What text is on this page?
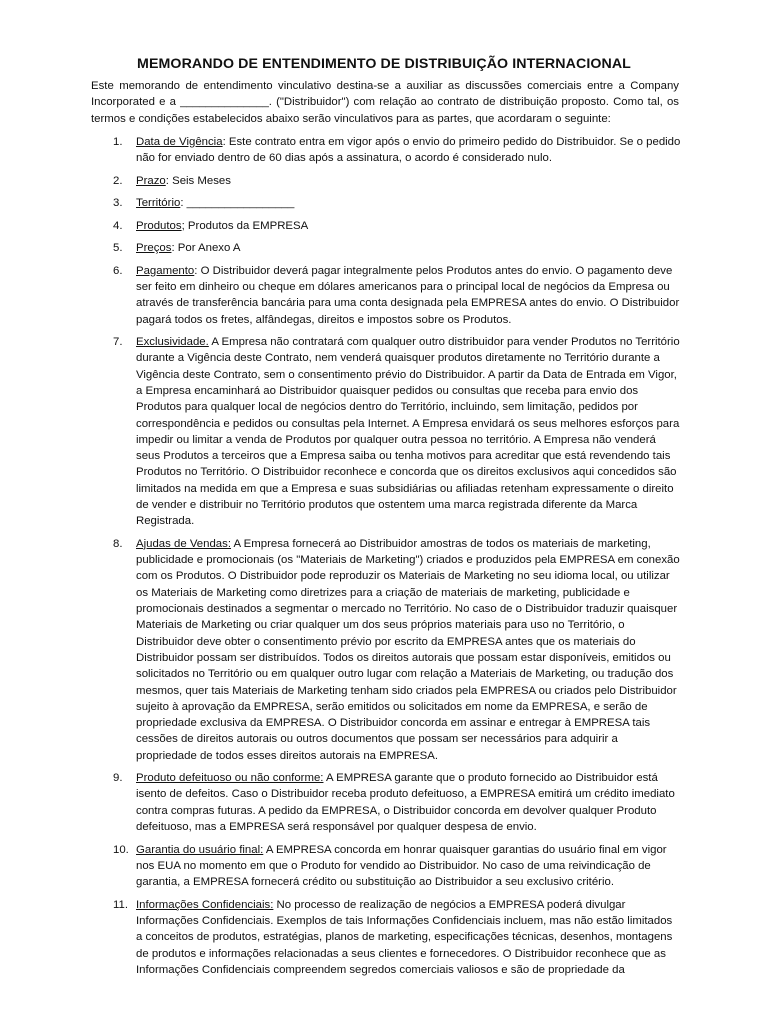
MEMORANDO DE ENTENDIMENTO DE DISTRIBUIÇÃO INTERNACIONAL

Este memorando de entendimento vinculativo destina-se a auxiliar as discussões comerciais entre a Company Incorporated e a ______________. ("Distribuidor") com relação ao contrato de distribuição proposto. Como tal, os termos e condições estabelecidos abaixo serão vinculativos para as partes, que acordaram o seguinte:

1.	Data de Vigência: Este contrato entra em vigor após o envio do primeiro pedido do Distribuidor. Se o pedido não for enviado dentro de 60 dias após a assinatura, o acordo é considerado nulo.
2.	Prazo: Seis Meses
3.	Território: _________________
4.	Produtos; Produtos da EMPRESA
5.	Preços: Por Anexo A
6.	Pagamento: O Distribuidor deverá pagar integralmente pelos Produtos antes do envio. O pagamento deve ser feito em dinheiro ou cheque em dólares americanos para o principal local de negócios da Empresa ou através de transferência bancária para uma conta designada pela EMPRESA antes do envio. O Distribuidor pagará todos os fretes, alfândegas, direitos e impostos sobre os Produtos.
7.	Exclusividade. A Empresa não contratará com qualquer outro distribuidor para vender Produtos no Território durante a Vigência deste Contrato, nem venderá quaisquer produtos diretamente no Território durante a Vigência deste Contrato, sem o consentimento prévio do Distribuidor. A partir da Data de Entrada em Vigor, a Empresa encaminhará ao Distribuidor quaisquer pedidos ou consultas que receba para envio dos Produtos para qualquer local de negócios dentro do Território, incluindo, sem limitação, pedidos por correspondência e pedidos ou consultas pela Internet. A Empresa envidará os seus melhores esforços para impedir ou limitar a venda de Produtos por qualquer outra pessoa no território. A Empresa não venderá seus Produtos a terceiros que a Empresa saiba ou tenha motivos para acreditar que está revendendo tais Produtos no Território. O Distribuidor reconhece e concorda que os direitos exclusivos aqui concedidos são limitados na medida em que a Empresa e suas subsidiárias ou afiliadas retenham expressamente o direito de vender e distribuir no Território produtos que ostentem uma marca registrada diferente da Marca Registrada.
8.	Ajudas de Vendas: A Empresa fornecerá ao Distribuidor amostras de todos os materiais de marketing, publicidade e promocionais (os "Materiais de Marketing") criados e produzidos pela EMPRESA em conexão com os Produtos. O Distribuidor pode reproduzir os Materiais de Marketing no seu idioma local, ou utilizar os Materiais de Marketing como diretrizes para a criação de materiais de marketing, publicidade e promocionais destinados a segmentar o mercado no Território. No caso de o Distribuidor traduzir quaisquer Materiais de Marketing ou criar qualquer um dos seus próprios materiais para uso no Território, o Distribuidor deve obter o consentimento prévio por escrito da EMPRESA antes que os materiais do Distribuidor possam ser distribuídos. Todos os direitos autorais que possam estar disponíveis, emitidos ou solicitados no Território ou em qualquer outro lugar com relação a Materiais de Marketing, ou tradução dos mesmos, quer tais Materiais de Marketing tenham sido criados pela EMPRESA ou criados pelo Distribuidor sujeito à aprovação da EMPRESA, serão emitidos ou solicitados em nome da EMPRESA, e serão de propriedade exclusiva da EMPRESA. O Distribuidor concorda em assinar e entregar à EMPRESA tais cessões de direitos autorais ou outros documentos que possam ser necessários para adquirir a propriedade de todos esses direitos autorais na EMPRESA.
9.	Produto defeituoso ou não conforme: A EMPRESA garante que o produto fornecido ao Distribuidor está isento de defeitos. Caso o Distribuidor receba produto defeituoso, a EMPRESA emitirá um crédito imediato contra compras futuras. A pedido da EMPRESA, o Distribuidor concorda em devolver qualquer Produto defeituoso, mas a EMPRESA será responsável por qualquer despesa de envio.
10. Garantia do usuário final: A EMPRESA concorda em honrar quaisquer garantias do usuário final em vigor nos EUA no momento em que o Produto for vendido ao Distribuidor. No caso de uma reivindicação de garantia, a EMPRESA fornecerá crédito ou substituição ao Distribuidor a seu exclusivo critério.
11. Informações Confidenciais: No processo de realização de negócios a EMPRESA poderá divulgar Informações Confidenciais. Exemplos de tais Informações Confidenciais incluem, mas não estão limitados a conceitos de produtos, estratégias, planos de marketing, especificações técnicas, desenhos, montagens de produtos e informações relacionadas a seus clientes e fornecedores. O Distribuidor reconhece que as Informações Confidenciais compreendem segredos comerciais valiosos e são de propriedade da
